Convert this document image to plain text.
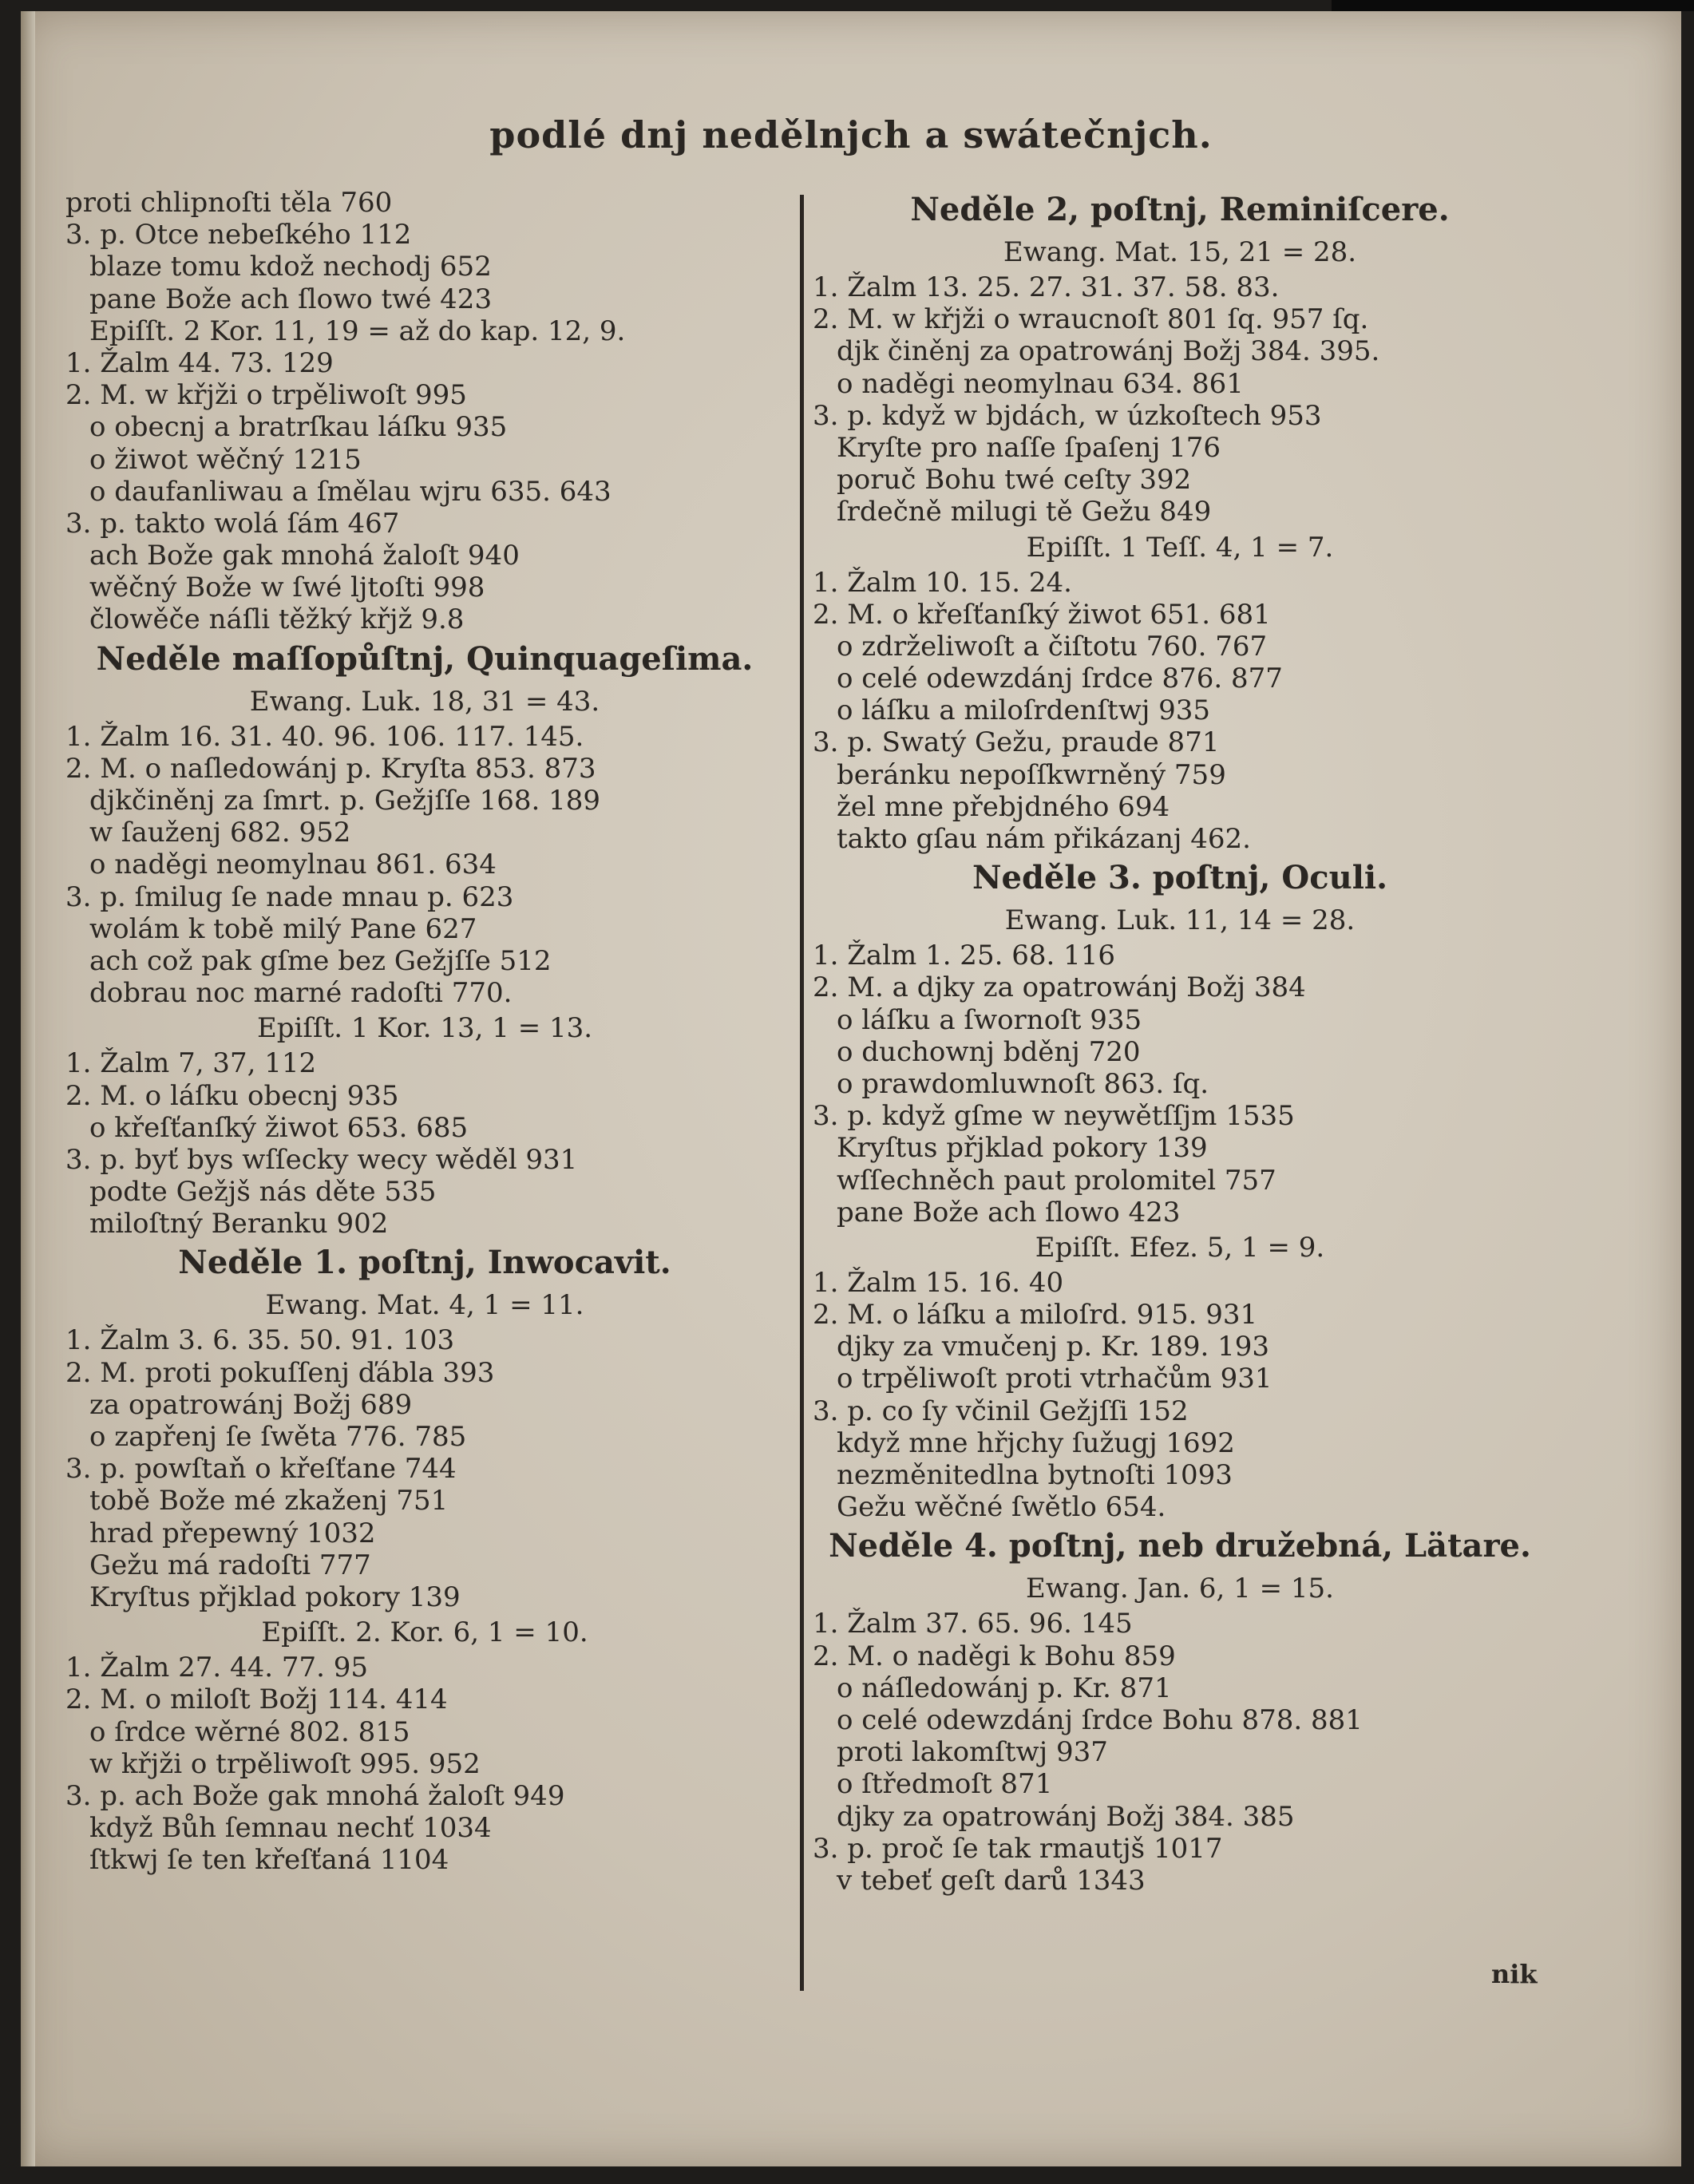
podlé dnj nedělnjch a swátečnjch.
proti chlipnoſti těla 760
3. p. Otce nebeſkého 112
blaze tomu kdož nechodj 652
pane Bože ach ſlowo twé 423
Epiſſt. 2 Kor. 11, 19 = až do kap. 12, 9.
1. Žalm 44. 73. 129
2. M. w křjži o trpěliwoſt 995
o obecnj a bratrſkau láſku 935
o žiwot wěčný 1215
o daufanliwau a ſmělau wjru 635. 643
3. p. takto wolá ſám 467
ach Bože gak mnohá žaloſt 940
wěčný Bože w ſwé ljtoſti 998
člowěče náſli těžký křjž 9.8
Neděle maſſopůſtnj, Quinquageſima.
Ewang. Luk. 18, 31 = 43.
1. Žalm 16. 31. 40. 96. 106. 117. 145.
2. M. o naſledowánj p. Kryſta 853. 873
djkčiněnj za ſmrt. p. Gežjſſe 168. 189
w ſauženj 682. 952
o naděgi neomylnau 861. 634
3. p. ſmilug ſe nade mnau p. 623
wolám k tobě milý Pane 627
ach což pak gſme bez Gežjſſe 512
dobrau noc marné radoſti 770.
Epiſſt. 1 Kor. 13, 1 = 13.
1. Žalm 7, 37, 112
2. M. o láſku obecnj 935
o křeſťanſký žiwot 653. 685
3. p. byť bys wſſecky wecy wěděl 931
podte Gežjš nás děte 535
miloſtný Beranku 902
Neděle 1. poſtnj, Inwocavit.
Ewang. Mat. 4, 1 = 11.
1. Žalm 3. 6. 35. 50. 91. 103
2. M. proti pokuſſenj ďábla 393
za opatrowánj Božj 689
o zapřenj ſe ſwěta 776. 785
3. p. powſtaň o křeſťane 744
tobě Bože mé zkaženj 751
hrad přepewný 1032
Gežu má radoſti 777
Kryſtus přjklad pokory 139
Epiſſt. 2. Kor. 6, 1 = 10.
1. Žalm 27. 44. 77. 95
2. M. o miloſt Božj 114. 414
o ſrdce wěrné 802. 815
w křjži o trpěliwoſt 995. 952
3. p. ach Bože gak mnohá žaloſt 949
když Bůh ſemnau nechť 1034
ſtkwj ſe ten křeſťaná 1104
Neděle 2, poſtnj, Reminiſcere.
Ewang. Mat. 15, 21 = 28.
1. Žalm 13. 25. 27. 31. 37. 58. 83.
2. M. w křjži o wraucnoſt 801 ſq. 957 ſq.
djk činěnj za opatrowánj Božj 384. 395.
o naděgi neomylnau 634. 861
3. p. když w bjdách, w úzkoſtech 953
Kryſte pro naſſe ſpaſenj 176
poruč Bohu twé ceſty 392
ſrdečně milugi tě Gežu 849
Epiſſt. 1 Teſſ. 4, 1 = 7.
1. Žalm 10. 15. 24.
2. M. o křeſťanſký žiwot 651. 681
o zdrželiwoſt a čiſtotu 760. 767
o celé odewzdánj ſrdce 876. 877
o láſku a miloſrdenſtwj 935
3. p. Swatý Gežu, praude 871
beránku nepoſſkwrněný 759
žel mne přebjdného 694
takto gſau nám přikázanj 462.
Neděle 3. poſtnj, Oculi.
Ewang. Luk. 11, 14 = 28.
1. Žalm 1. 25. 68. 116
2. M. a djky za opatrowánj Božj 384
o láſku a ſwornoſt 935
o duchownj bděnj 720
o prawdomluwnoſt 863. ſq.
3. p. když gſme w neywětſſjm 1535
Kryſtus přjklad pokory 139
wſſechněch paut prolomitel 757
pane Bože ach ſlowo 423
Epiſſt. Efez. 5, 1 = 9.
1. Žalm 15. 16. 40
2. M. o láſku a miloſrd. 915. 931
djky za vmučenj p. Kr. 189. 193
o trpěliwoſt proti vtrhačům 931
3. p. co ſy včinil Gežjſſi 152
když mne hřjchy ſužugj 1692
nezměnitedlna bytnoſti 1093
Gežu wěčné ſwětlo 654.
Neděle 4. poſtnj, neb družebná, Lätare.
Ewang. Jan. 6, 1 = 15.
1. Žalm 37. 65. 96. 145
2. M. o naděgi k Bohu 859
o náſledowánj p. Kr. 871
o celé odewzdánj ſrdce Bohu 878. 881
proti lakomſtwj 937
o ſtředmoſt 871
djky za opatrowánj Božj 384. 385
3. p. proč ſe tak rmautjš 1017
v tebeť geſt darů 1343
nik
